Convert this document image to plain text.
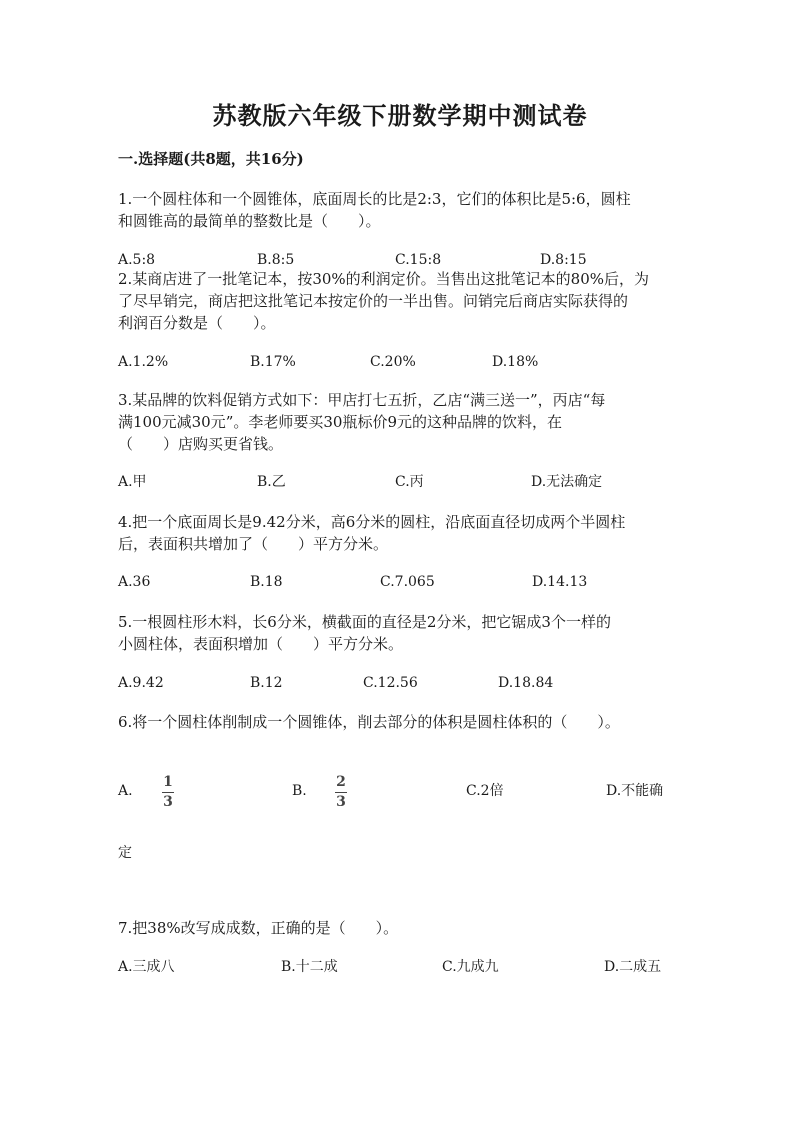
苏教版六年级下册数学期中测试卷
一.选择题(共8题，共16分)
1.一个圆柱体和一个圆锥体，底面周长的比是2:3，它们的体积比是5:6，圆柱
和圆锥高的最简单的整数比是（　　）。
A.5:8	B.8:5	C.15:8	D.8:15
2.某商店进了一批笔记本，按30%的利润定价。当售出这批笔记本的80%后，为
了尽早销完，商店把这批笔记本按定价的一半出售。问销完后商店实际获得的
利润百分数是（　　）。
A.1.2%	B.17%	C.20%	D.18%
3.某品牌的饮料促销方式如下：甲店打七五折，乙店“满三送一”，丙店“每
满100元减30元”。李老师要买30瓶标价9元的这种品牌的饮料，在
（　　）店购买更省钱。
A.甲	B.乙	C.丙	D.无法确定
4.把一个底面周长是9.42分米，高6分米的圆柱，沿底面直径切成两个半圆柱
后，表面积共增加了（　　）平方分米。
A.36	B.18	C.7.065	D.14.13
5.一根圆柱形木料，长6分米，横截面的直径是2分米，把它锯成3个一样的
小圆柱体，表面积增加（　　）平方分米。
A.9.42	B.12	C.12.56	D.18.84
6.将一个圆柱体削制成一个圆锥体，削去部分的体积是圆柱体积的（　　）。
A.
1
3
B.
2
3
C.2倍	D.不能确
定
7.把38%改写成成数，正确的是（　　）。
A.三成八	B.十二成	C.九成九	D.二成五
